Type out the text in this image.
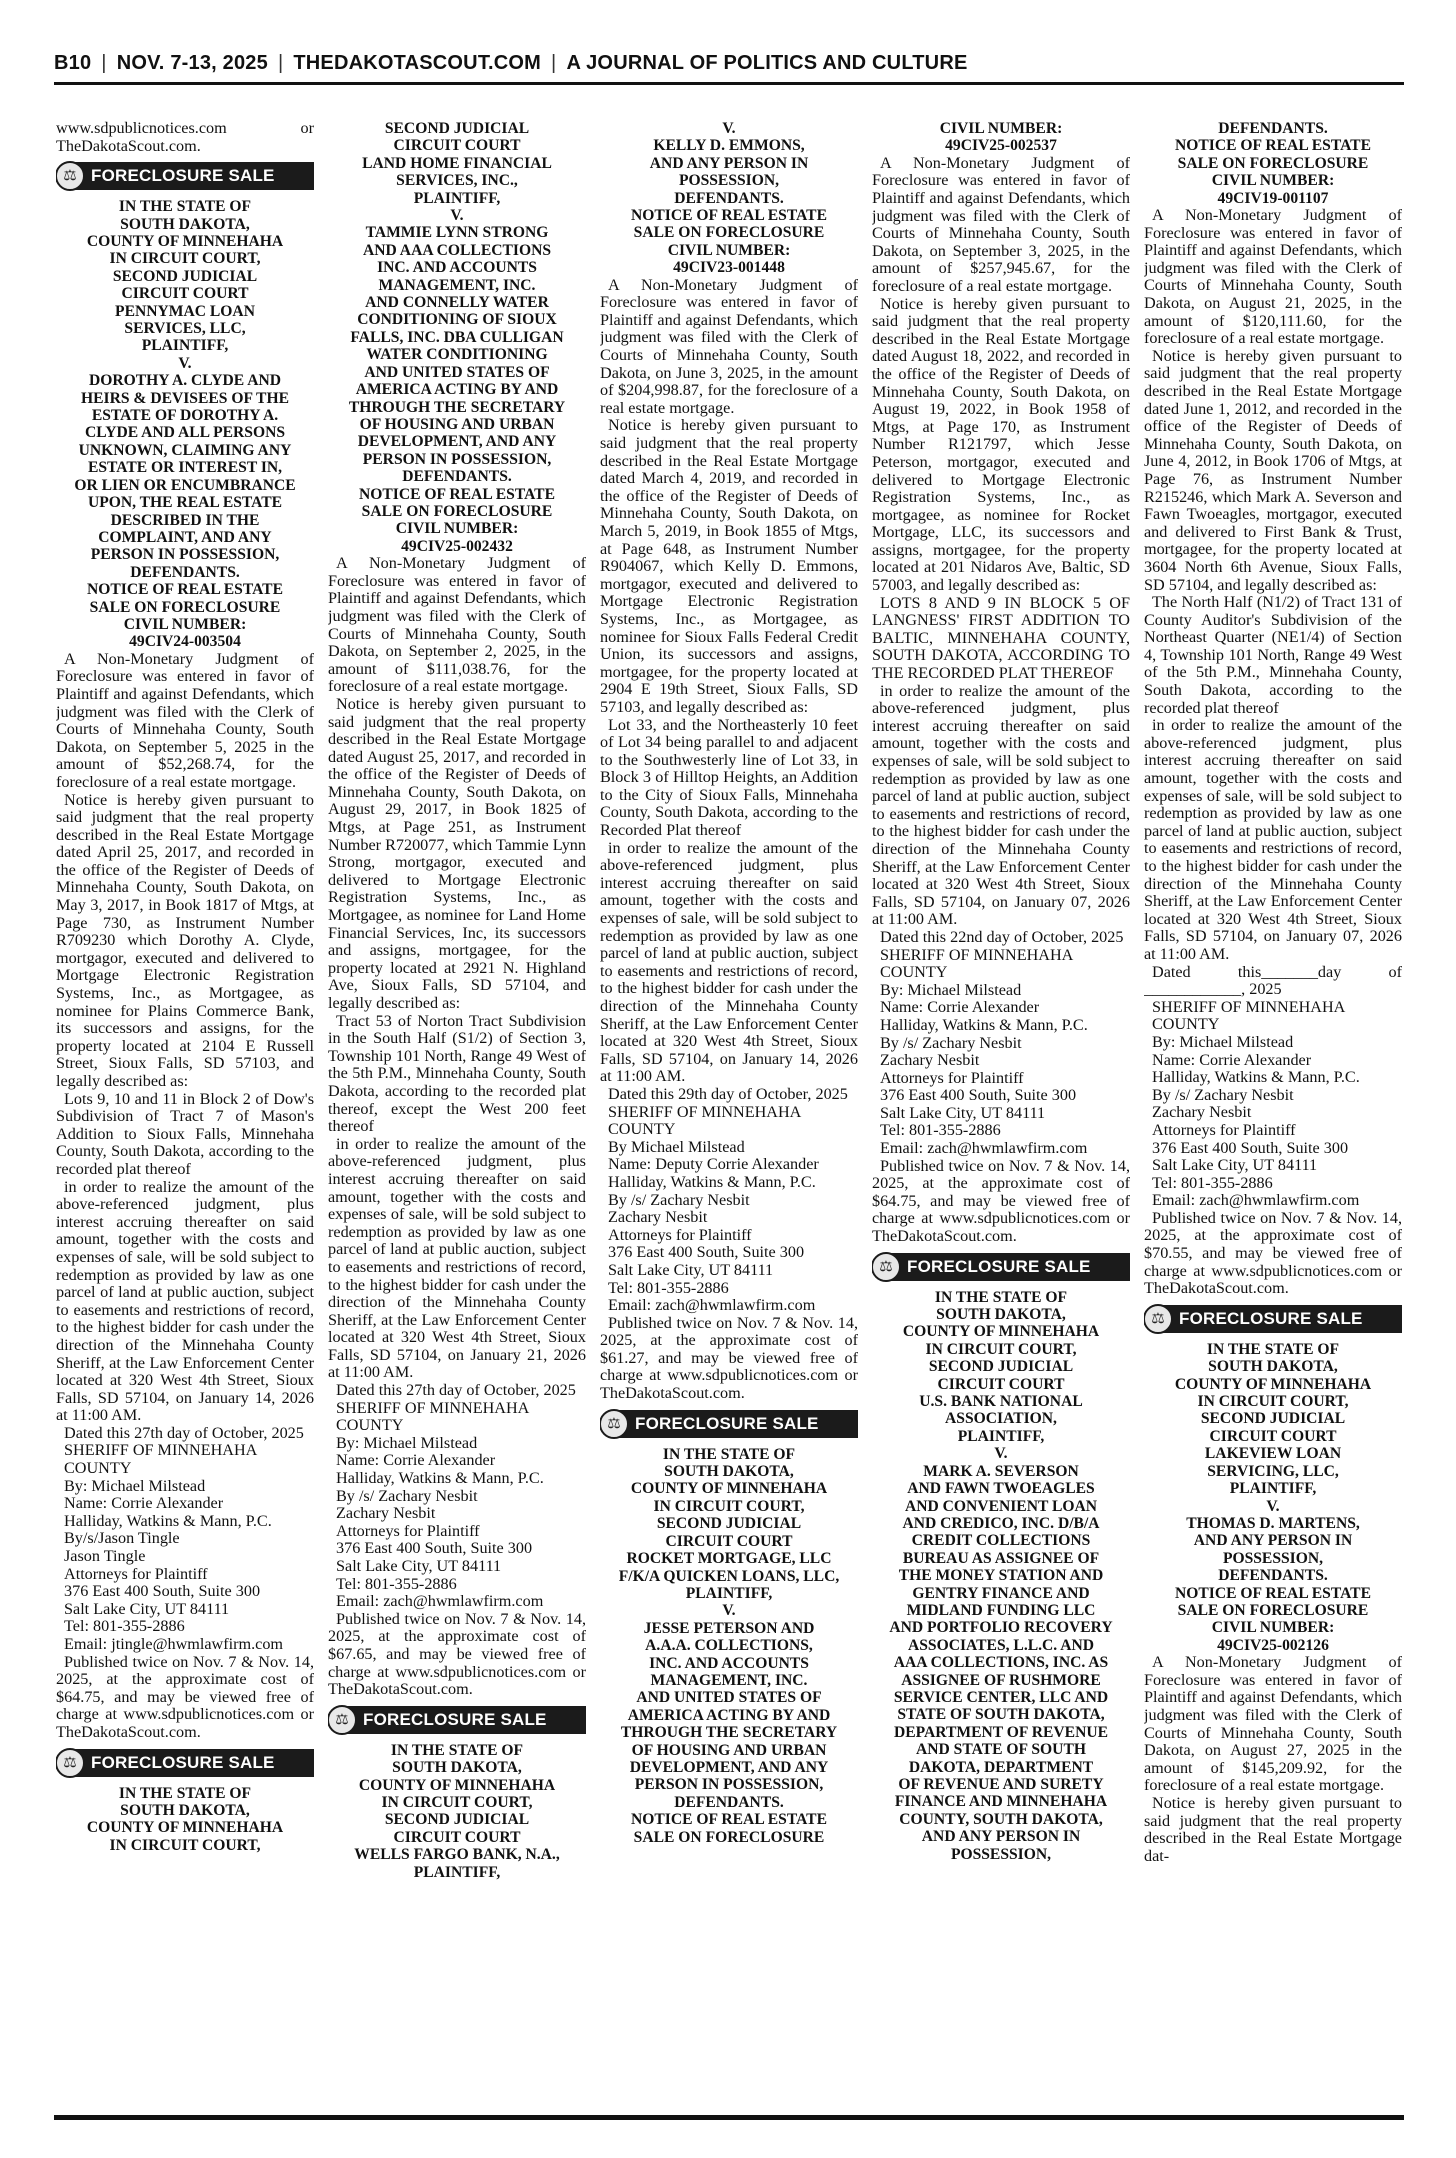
B10 | NOV. 7-13, 2025 | THEDAKOTASCOUT.COM | A JOURNAL OF POLITICS AND CULTURE

www.sdpublicnotices.com or TheDakotaScout.com.

⚖ FORECLOSURE SALE

IN THE STATE OF

SOUTH DAKOTA,

COUNTY OF MINNEHAHA

IN CIRCUIT COURT,

SECOND JUDICIAL

CIRCUIT COURT

PENNYMAC LOAN

SERVICES, LLC,

PLAINTIFF,

V.

DOROTHY A. CLYDE AND

HEIRS & DEVISEES OF THE

ESTATE OF DOROTHY A.

CLYDE AND ALL PERSONS

UNKNOWN, CLAIMING ANY

ESTATE OR INTEREST IN,

OR LIEN OR ENCUMBRANCE

UPON, THE REAL ESTATE

DESCRIBED IN THE

COMPLAINT, AND ANY

PERSON IN POSSESSION,

DEFENDANTS.

NOTICE OF REAL ESTATE

SALE ON FORECLOSURE

CIVIL NUMBER:

49CIV24-003504

A Non-Monetary Judgment of Foreclosure was entered in favor of Plaintiff and against Defendants, which judgment was filed with the Clerk of Courts of Minnehaha County, South Dakota, on September 5, 2025 in the amount of $52,268.74, for the foreclosure of a real estate mortgage.

Notice is hereby given pursuant to said judgment that the real property described in the Real Estate Mortgage dated April 25, 2017, and recorded in the office of the Register of Deeds of Minnehaha County, South Dakota, on May 3, 2017, in Book 1817 of Mtgs, at Page 730, as Instrument Number R709230 which Dorothy A. Clyde, mortgagor, executed and delivered to Mortgage Electronic Registration Systems, Inc., as Mortgagee, as nominee for Plains Commerce Bank, its successors and assigns, for the property located at 2104 E Russell Street, Sioux Falls, SD 57103, and legally described as:

Lots 9, 10 and 11 in Block 2 of Dow's Subdivision of Tract 7 of Mason's Addition to Sioux Falls, Minnehaha County, South Dakota, according to the recorded plat thereof

in order to realize the amount of the above-referenced judgment, plus interest accruing thereafter on said amount, together with the costs and expenses of sale, will be sold subject to redemption as provided by law as one parcel of land at public auction, subject to easements and restrictions of record, to the highest bidder for cash under the direction of the Minnehaha County Sheriff, at the Law Enforcement Center located at 320 West 4th Street, Sioux Falls, SD 57104, on January 14, 2026 at 11:00 AM.

Dated this 27th day of October, 2025

SHERIFF OF MINNEHAHA COUNTY

By: Michael Milstead

Name: Corrie Alexander

Halliday, Watkins & Mann, P.C.

By/s/Jason Tingle

Jason Tingle

Attorneys for Plaintiff

376 East 400 South, Suite 300

Salt Lake City, UT 84111

Tel: 801-355-2886

Email: jtingle@hwmlawfirm.com

Published twice on Nov. 7 & Nov. 14, 2025, at the approximate cost of $64.75, and may be viewed free of charge at www.sdpublicnotices.com or TheDakotaScout.com.

⚖ FORECLOSURE SALE

IN THE STATE OF

SOUTH DAKOTA,

COUNTY OF MINNEHAHA

IN CIRCUIT COURT,

SECOND JUDICIAL

CIRCUIT COURT

LAND HOME FINANCIAL

SERVICES, INC.,

PLAINTIFF,

V.

TAMMIE LYNN STRONG

AND AAA COLLECTIONS

INC. AND ACCOUNTS

MANAGEMENT, INC.

AND CONNELLY WATER

CONDITIONING OF SIOUX

FALLS, INC. DBA CULLIGAN

WATER CONDITIONING

AND UNITED STATES OF

AMERICA ACTING BY AND

THROUGH THE SECRETARY

OF HOUSING AND URBAN

DEVELOPMENT, AND ANY

PERSON IN POSSESSION,

DEFENDANTS.

NOTICE OF REAL ESTATE

SALE ON FORECLOSURE

CIVIL NUMBER:

49CIV25-002432

A Non-Monetary Judgment of Foreclosure was entered in favor of Plaintiff and against Defendants, which judgment was filed with the Clerk of Courts of Minnehaha County, South Dakota, on September 2, 2025, in the amount of $111,038.76, for the foreclosure of a real estate mortgage.

Notice is hereby given pursuant to said judgment that the real property described in the Real Estate Mortgage dated August 25, 2017, and recorded in the office of the Register of Deeds of Minnehaha County, South Dakota, on August 29, 2017, in Book 1825 of Mtgs, at Page 251, as Instrument Number R720077, which Tammie Lynn Strong, mortgagor, executed and delivered to Mortgage Electronic Registration Systems, Inc., as Mortgagee, as nominee for Land Home Financial Services, Inc, its successors and assigns, mortgagee, for the property located at 2921 N. Highland Ave, Sioux Falls, SD 57104, and legally described as:

Tract 53 of Norton Tract Subdivision in the South Half (S1/2) of Section 3, Township 101 North, Range 49 West of the 5th P.M., Minnehaha County, South Dakota, according to the recorded plat thereof, except the West 200 feet thereof

in order to realize the amount of the above-referenced judgment, plus interest accruing thereafter on said amount, together with the costs and expenses of sale, will be sold subject to redemption as provided by law as one parcel of land at public auction, subject to easements and restrictions of record, to the highest bidder for cash under the direction of the Minnehaha County Sheriff, at the Law Enforcement Center located at 320 West 4th Street, Sioux Falls, SD 57104, on January 21, 2026 at 11:00 AM.

Dated this 27th day of October, 2025

SHERIFF OF MINNEHAHA COUNTY

By: Michael Milstead

Name: Corrie Alexander

Halliday, Watkins & Mann, P.C.

By /s/ Zachary Nesbit

Zachary Nesbit

Attorneys for Plaintiff

376 East 400 South, Suite 300

Salt Lake City, UT 84111

Tel: 801-355-2886

Email: zach@hwmlawfirm.com

Published twice on Nov. 7 & Nov. 14, 2025, at the approximate cost of $67.65, and may be viewed free of charge at www.sdpublicnotices.com or TheDakotaScout.com.

⚖ FORECLOSURE SALE

IN THE STATE OF

SOUTH DAKOTA,

COUNTY OF MINNEHAHA

IN CIRCUIT COURT,

SECOND JUDICIAL

CIRCUIT COURT

WELLS FARGO BANK, N.A.,

PLAINTIFF,

V.

KELLY D. EMMONS,

AND ANY PERSON IN

POSSESSION,

DEFENDANTS.

NOTICE OF REAL ESTATE

SALE ON FORECLOSURE

CIVIL NUMBER:

49CIV23-001448

A Non-Monetary Judgment of Foreclosure was entered in favor of Plaintiff and against Defendants, which judgment was filed with the Clerk of Courts of Minnehaha County, South Dakota, on June 3, 2025, in the amount of $204,998.87, for the foreclosure of a real estate mortgage.

Notice is hereby given pursuant to said judgment that the real property described in the Real Estate Mortgage dated March 4, 2019, and recorded in the office of the Register of Deeds of Minnehaha County, South Dakota, on March 5, 2019, in Book 1855 of Mtgs, at Page 648, as Instrument Number R904067, which Kelly D. Emmons, mortgagor, executed and delivered to Mortgage Electronic Registration Systems, Inc., as Mortgagee, as nominee for Sioux Falls Federal Credit Union, its successors and assigns, mortgagee, for the property located at 2904 E 19th Street, Sioux Falls, SD 57103, and legally described as:

Lot 33, and the Northeasterly 10 feet of Lot 34 being parallel to and adjacent to the Southwesterly line of Lot 33, in Block 3 of Hilltop Heights, an Addition to the City of Sioux Falls, Minnehaha County, South Dakota, according to the Recorded Plat thereof

in order to realize the amount of the above-referenced judgment, plus interest accruing thereafter on said amount, together with the costs and expenses of sale, will be sold subject to redemption as provided by law as one parcel of land at public auction, subject to easements and restrictions of record, to the highest bidder for cash under the direction of the Minnehaha County Sheriff, at the Law Enforcement Center located at 320 West 4th Street, Sioux Falls, SD 57104, on January 14, 2026 at 11:00 AM.

Dated this 29th day of October, 2025

SHERIFF OF MINNEHAHA COUNTY

By Michael Milstead

Name: Deputy Corrie Alexander

Halliday, Watkins & Mann, P.C.

By /s/ Zachary Nesbit

Zachary Nesbit

Attorneys for Plaintiff

376 East 400 South, Suite 300

Salt Lake City, UT 84111

Tel: 801-355-2886

Email: zach@hwmlawfirm.com

Published twice on Nov. 7 & Nov. 14, 2025, at the approximate cost of $61.27, and may be viewed free of charge at www.sdpublicnotices.com or TheDakotaScout.com.

⚖ FORECLOSURE SALE

IN THE STATE OF

SOUTH DAKOTA,

COUNTY OF MINNEHAHA

IN CIRCUIT COURT,

SECOND JUDICIAL

CIRCUIT COURT

ROCKET MORTGAGE, LLC

F/K/A QUICKEN LOANS, LLC,

PLAINTIFF,

V.

JESSE PETERSON AND

A.A.A. COLLECTIONS,

INC. AND ACCOUNTS

MANAGEMENT, INC.

AND UNITED STATES OF

AMERICA ACTING BY AND

THROUGH THE SECRETARY

OF HOUSING AND URBAN

DEVELOPMENT, AND ANY

PERSON IN POSSESSION,

DEFENDANTS.

NOTICE OF REAL ESTATE

SALE ON FORECLOSURE

CIVIL NUMBER:

49CIV25-002537

A Non-Monetary Judgment of Foreclosure was entered in favor of Plaintiff and against Defendants, which judgment was filed with the Clerk of Courts of Minnehaha County, South Dakota, on September 3, 2025, in the amount of $257,945.67, for the foreclosure of a real estate mortgage.

Notice is hereby given pursuant to said judgment that the real property described in the Real Estate Mortgage dated August 18, 2022, and recorded in the office of the Register of Deeds of Minnehaha County, South Dakota, on August 19, 2022, in Book 1958 of Mtgs, at Page 170, as Instrument Number R121797, which Jesse Peterson, mortgagor, executed and delivered to Mortgage Electronic Registration Systems, Inc., as mortgagee, as nominee for Rocket Mortgage, LLC, its successors and assigns, mortgagee, for the property located at 201 Nidaros Ave, Baltic, SD 57003, and legally described as:

LOTS 8 AND 9 IN BLOCK 5 OF LANGNESS' FIRST ADDITION TO BALTIC, MINNEHAHA COUNTY, SOUTH DAKOTA, ACCORDING TO THE RECORDED PLAT THEREOF

in order to realize the amount of the above-referenced judgment, plus interest accruing thereafter on said amount, together with the costs and expenses of sale, will be sold subject to redemption as provided by law as one parcel of land at public auction, subject to easements and restrictions of record, to the highest bidder for cash under the direction of the Minnehaha County Sheriff, at the Law Enforcement Center located at 320 West 4th Street, Sioux Falls, SD 57104, on January 07, 2026 at 11:00 AM.

Dated this 22nd day of October, 2025

SHERIFF OF MINNEHAHA COUNTY

By: Michael Milstead

Name: Corrie Alexander

Halliday, Watkins & Mann, P.C.

By /s/ Zachary Nesbit

Zachary Nesbit

Attorneys for Plaintiff

376 East 400 South, Suite 300

Salt Lake City, UT 84111

Tel: 801-355-2886

Email: zach@hwmlawfirm.com

Published twice on Nov. 7 & Nov. 14, 2025, at the approximate cost of $64.75, and may be viewed free of charge at www.sdpublicnotices.com or TheDakotaScout.com.

⚖ FORECLOSURE SALE

IN THE STATE OF

SOUTH DAKOTA,

COUNTY OF MINNEHAHA

IN CIRCUIT COURT,

SECOND JUDICIAL

CIRCUIT COURT

U.S. BANK NATIONAL

ASSOCIATION,

PLAINTIFF,

V.

MARK A. SEVERSON

AND FAWN TWOEAGLES

AND CONVENIENT LOAN

AND CREDICO, INC. D/B/A

CREDIT COLLECTIONS

BUREAU AS ASSIGNEE OF

THE MONEY STATION AND

GENTRY FINANCE AND

MIDLAND FUNDING LLC

AND PORTFOLIO RECOVERY

ASSOCIATES, L.L.C. AND

AAA COLLECTIONS, INC. AS

ASSIGNEE OF RUSHMORE

SERVICE CENTER, LLC AND

STATE OF SOUTH DAKOTA,

DEPARTMENT OF REVENUE

AND STATE OF SOUTH

DAKOTA, DEPARTMENT

OF REVENUE AND SURETY

FINANCE AND MINNEHAHA

COUNTY, SOUTH DAKOTA,

AND ANY PERSON IN

POSSESSION,

DEFENDANTS.

NOTICE OF REAL ESTATE

SALE ON FORECLOSURE

CIVIL NUMBER:

49CIV19-001107

A Non-Monetary Judgment of Foreclosure was entered in favor of Plaintiff and against Defendants, which judgment was filed with the Clerk of Courts of Minnehaha County, South Dakota, on August 21, 2025, in the amount of $120,111.60, for the foreclosure of a real estate mortgage.

Notice is hereby given pursuant to said judgment that the real property described in the Real Estate Mortgage dated June 1, 2012, and recorded in the office of the Register of Deeds of Minnehaha County, South Dakota, on June 4, 2012, in Book 1706 of Mtgs, at Page 76, as Instrument Number R215246, which Mark A. Severson and Fawn Twoeagles, mortgagor, executed and delivered to First Bank & Trust, mortgagee, for the property located at 3604 North 6th Avenue, Sioux Falls, SD 57104, and legally described as:

The North Half (N1/2) of Tract 131 of County Auditor's Subdivision of the Northeast Quarter (NE1/4) of Section 4, Township 101 North, Range 49 West of the 5th P.M., Minnehaha County, South Dakota, according to the recorded plat thereof

in order to realize the amount of the above-referenced judgment, plus interest accruing thereafter on said amount, together with the costs and expenses of sale, will be sold subject to redemption as provided by law as one parcel of land at public auction, subject to easements and restrictions of record, to the highest bidder for cash under the direction of the Minnehaha County Sheriff, at the Law Enforcement Center located at 320 West 4th Street, Sioux Falls, SD 57104, on January 07, 2026 at 11:00 AM.

Dated this_______day of ____________, 2025

SHERIFF OF MINNEHAHA COUNTY

By: Michael Milstead

Name: Corrie Alexander

Halliday, Watkins & Mann, P.C.

By /s/ Zachary Nesbit

Zachary Nesbit

Attorneys for Plaintiff

376 East 400 South, Suite 300

Salt Lake City, UT 84111

Tel: 801-355-2886

Email: zach@hwmlawfirm.com

Published twice on Nov. 7 & Nov. 14, 2025, at the approximate cost of $70.55, and may be viewed free of charge at www.sdpublicnotices.com or TheDakotaScout.com.

⚖ FORECLOSURE SALE

IN THE STATE OF

SOUTH DAKOTA,

COUNTY OF MINNEHAHA

IN CIRCUIT COURT,

SECOND JUDICIAL

CIRCUIT COURT

LAKEVIEW LOAN

SERVICING, LLC,

PLAINTIFF,

V.

THOMAS D. MARTENS,

AND ANY PERSON IN

POSSESSION,

DEFENDANTS.

NOTICE OF REAL ESTATE

SALE ON FORECLOSURE

CIVIL NUMBER:

49CIV25-002126

A Non-Monetary Judgment of Foreclosure was entered in favor of Plaintiff and against Defendants, which judgment was filed with the Clerk of Courts of Minnehaha County, South Dakota, on August 27, 2025 in the amount of $145,209.92, for the foreclosure of a real estate mortgage.

Notice is hereby given pursuant to said judgment that the real property described in the Real Estate Mortgage dat-
